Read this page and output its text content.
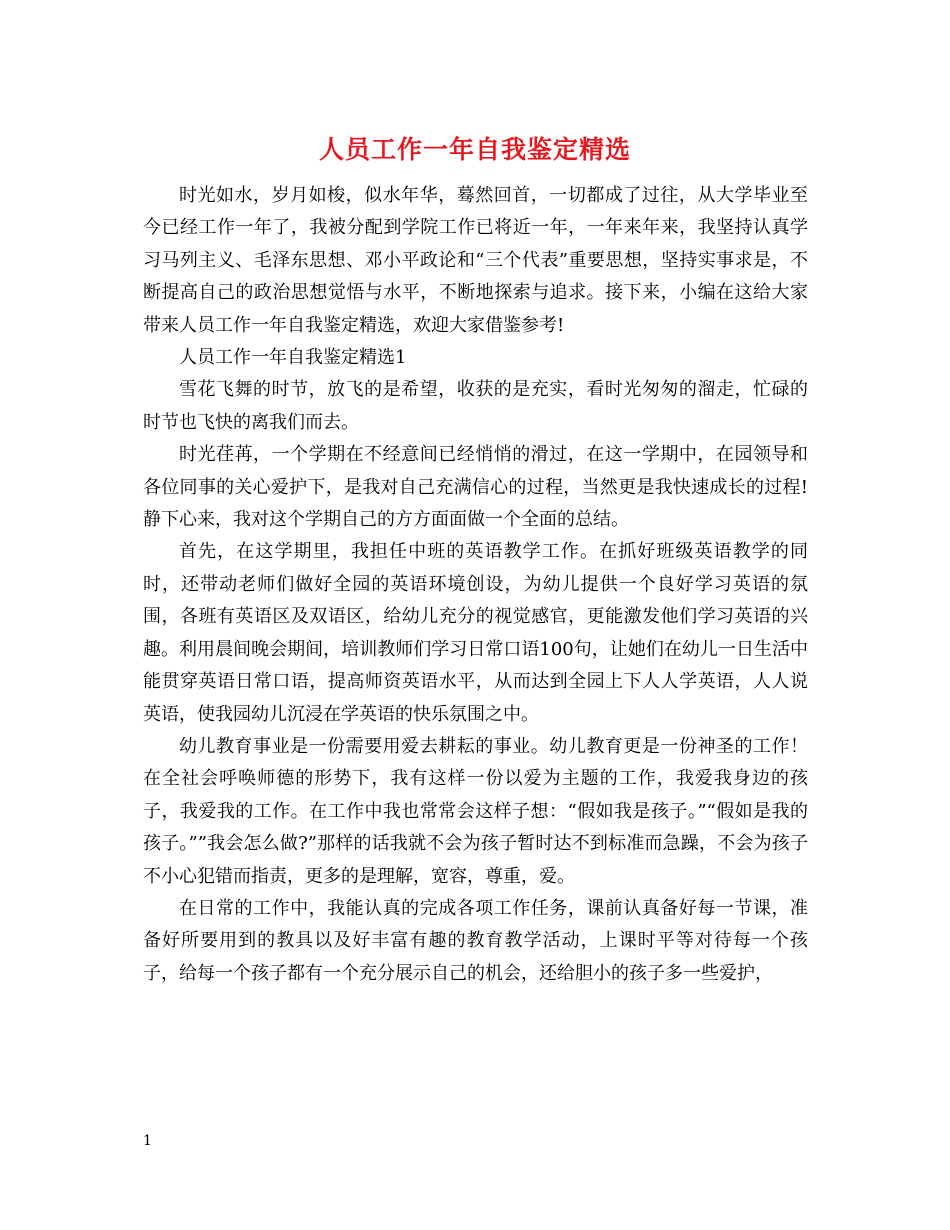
人员工作一年自我鉴定精选

时光如水，岁月如梭，似水年华，蓦然回首，一切都成了过往，从大学毕业至今已经工作一年了，我被分配到学院工作已将近一年，一年来年来，我坚持认真学习马列主义、毛泽东思想、邓小平政论和“三个代表”重要思想，坚持实事求是，不断提高自己的政治思想觉悟与水平，不断地探索与追求。接下来，小编在这给大家带来人员工作一年自我鉴定精选，欢迎大家借鉴参考!

人员工作一年自我鉴定精选1

雪花飞舞的时节，放飞的是希望，收获的是充实，看时光匆匆的溜走，忙碌的时节也飞快的离我们而去。

时光荏苒，一个学期在不经意间已经悄悄的滑过，在这一学期中，在园领导和各位同事的关心爱护下，是我对自己充满信心的过程，当然更是我快速成长的过程!静下心来，我对这个学期自己的方方面面做一个全面的总结。

首先，在这学期里，我担任中班的英语教学工作。在抓好班级英语教学的同时，还带动老师们做好全园的英语环境创设，为幼儿提供一个良好学习英语的氛围，各班有英语区及双语区，给幼儿充分的视觉感官，更能激发他们学习英语的兴趣。利用晨间晚会期间，培训教师们学习日常口语100句，让她们在幼儿一日生活中能贯穿英语日常口语，提高师资英语水平，从而达到全园上下人人学英语，人人说英语，使我园幼儿沉浸在学英语的快乐氛围之中。

幼儿教育事业是一份需要用爱去耕耘的事业。幼儿教育更是一份神圣的工作！在全社会呼唤师德的形势下，我有这样一份以爱为主题的工作，我爱我身边的孩子，我爱我的工作。在工作中我也常常会这样子想：“假如我是孩子。”“假如是我的孩子。””我会怎么做?”那样的话我就不会为孩子暂时达不到标准而急躁，不会为孩子不小心犯错而指责，更多的是理解，宽容，尊重，爱。

在日常的工作中，我能认真的完成各项工作任务，课前认真备好每一节课，准备好所要用到的教具以及好丰富有趣的教育教学活动，上课时平等对待每一个孩子，给每一个孩子都有一个充分展示自己的机会，还给胆小的孩子多一些爱护，

1
